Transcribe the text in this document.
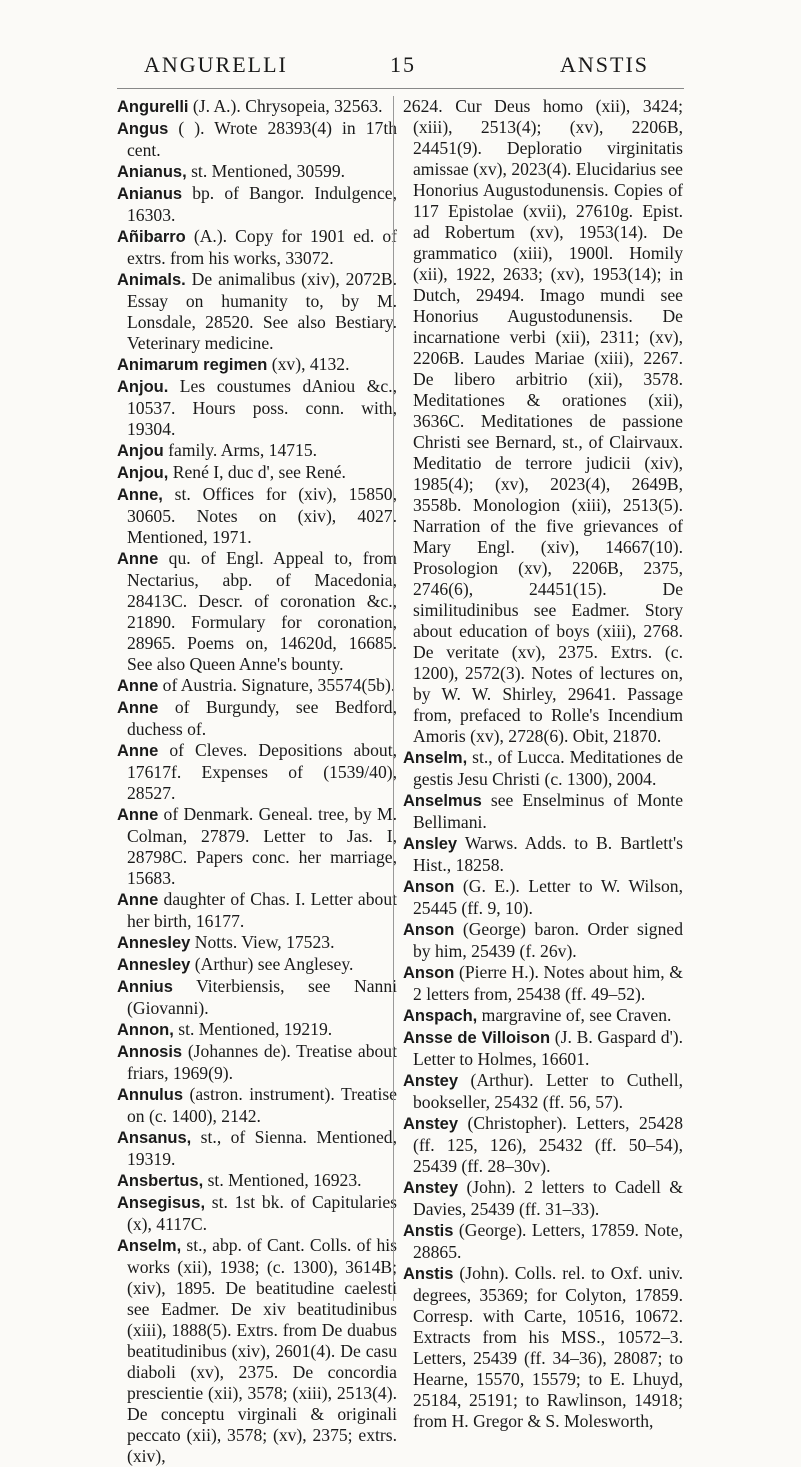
ANGURELLI	15	ANSTIS

Angurelli (J. A.). Chrysopeia, 32563.

Angus ( ). Wrote 28393(4) in 17th cent.

Anianus, st. Mentioned, 30599.

Anianus bp. of Bangor. Indulgence, 16303.

Añibarro (A.). Copy for 1901 ed. of extrs. from his works, 33072.

Animals. De animalibus (xiv), 2072B. Essay on humanity to, by M. Lonsdale, 28520. See also Bestiary. Veterinary medicine.

Animarum regimen (xv), 4132.

Anjou. Les coustumes dAniou &c., 10537. Hours poss. conn. with, 19304.

Anjou family. Arms, 14715.

Anjou, René I, duc d', see René.

Anne, st. Offices for (xiv), 15850, 30605. Notes on (xiv), 4027. Mentioned, 1971.

Anne qu. of Engl. Appeal to, from Nectarius, abp. of Macedonia, 28413C. Descr. of coronation &c., 21890. Formulary for coronation, 28965. Poems on, 14620d, 16685. See also Queen Anne's bounty.

Anne of Austria. Signature, 35574(5b).

Anne of Burgundy, see Bedford, duchess of.

Anne of Cleves. Depositions about, 17617f. Expenses of (1539/40), 28527.

Anne of Denmark. Geneal. tree, by M. Colman, 27879. Letter to Jas. I, 28798C. Papers conc. her marriage, 15683.

Anne daughter of Chas. I. Letter about her birth, 16177.

Annesley Notts. View, 17523.

Annesley (Arthur) see Anglesey.

Annius Viterbiensis, see Nanni (Giovanni).

Annon, st. Mentioned, 19219.

Annosis (Johannes de). Treatise about friars, 1969(9).

Annulus (astron. instrument). Treatise on (c. 1400), 2142.

Ansanus, st., of Sienna. Mentioned, 19319.

Ansbertus, st. Mentioned, 16923.

Ansegisus, st. 1st bk. of Capitularies (x), 4117C.

Anselm, st., abp. of Cant. Colls. of his works (xii), 1938; (c. 1300), 3614B; (xiv), 1895. De beatitudine caelesti see Eadmer. De xiv beatitudinibus (xiii), 1888(5). Extrs. from De duabus beatitudinibus (xiv), 2601(4). De casu diaboli (xv), 2375. De concordia prescientie (xii), 3578; (xiii), 2513(4). De conceptu virginali & originali peccato (xii), 3578; (xv), 2375; extrs. (xiv),

2624. Cur Deus homo (xii), 3424; (xiii), 2513(4); (xv), 2206B, 24451(9). Deploratio virginitatis amissae (xv), 2023(4). Elucidarius see Honorius Augustodunensis. Copies of 117 Epistolae (xvii), 27610g. Epist. ad Robertum (xv), 1953(14). De grammatico (xiii), 1900l. Homily (xii), 1922, 2633; (xv), 1953(14); in Dutch, 29494. Imago mundi see Honorius Augustodunensis. De incarnatione verbi (xii), 2311; (xv), 2206B. Laudes Mariae (xiii), 2267. De libero arbitrio (xii), 3578. Meditationes & orationes (xii), 3636C. Meditationes de passione Christi see Bernard, st., of Clairvaux. Meditatio de terrore judicii (xiv), 1985(4); (xv), 2023(4), 2649B, 3558b. Monologion (xiii), 2513(5). Narration of the five grievances of Mary Engl. (xiv), 14667(10). Prosologion (xv), 2206B, 2375, 2746(6), 24451(15). De similitudinibus see Eadmer. Story about education of boys (xiii), 2768. De veritate (xv), 2375. Extrs. (c. 1200), 2572(3). Notes of lectures on, by W. W. Shirley, 29641. Passage from, prefaced to Rolle's Incendium Amoris (xv), 2728(6). Obit, 21870.

Anselm, st., of Lucca. Meditationes de gestis Jesu Christi (c. 1300), 2004.

Anselmus see Enselminus of Monte Bellimani.

Ansley Warws. Adds. to B. Bartlett's Hist., 18258.

Anson (G. E.). Letter to W. Wilson, 25445 (ff. 9, 10).

Anson (George) baron. Order signed by him, 25439 (f. 26v).

Anson (Pierre H.). Notes about him, & 2 letters from, 25438 (ff. 49–52).

Anspach, margravine of, see Craven.

Ansse de Villoison (J. B. Gaspard d'). Letter to Holmes, 16601.

Anstey (Arthur). Letter to Cuthell, bookseller, 25432 (ff. 56, 57).

Anstey (Christopher). Letters, 25428 (ff. 125, 126), 25432 (ff. 50–54), 25439 (ff. 28–30v).

Anstey (John). 2 letters to Cadell & Davies, 25439 (ff. 31–33).

Anstis (George). Letters, 17859. Note, 28865.

Anstis (John). Colls. rel. to Oxf. univ. degrees, 35369; for Colyton, 17859. Corresp. with Carte, 10516, 10672. Extracts from his MSS., 10572–3. Letters, 25439 (ff. 34–36), 28087; to Hearne, 15570, 15579; to E. Lhuyd, 25184, 25191; to Rawlinson, 14918; from H. Gregor & S. Molesworth,
